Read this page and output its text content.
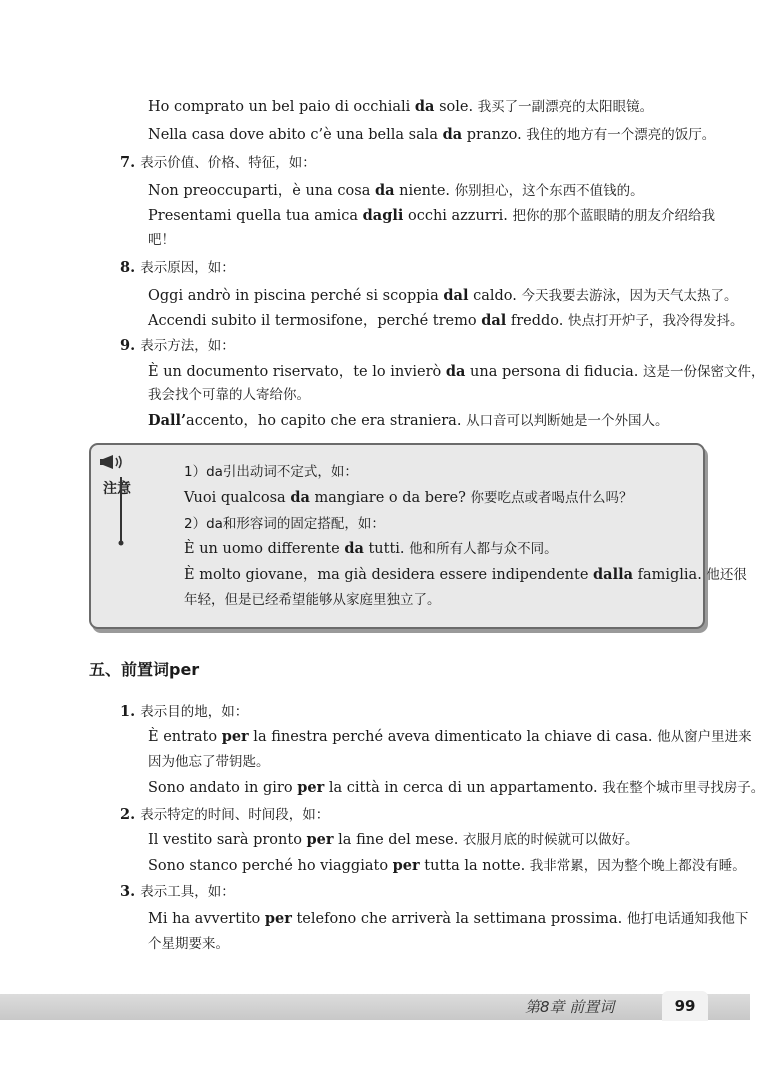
Ho comprato un bel paio di occhiali da sole. 我买了一副漂亮的太阳眼镜。
Nella casa dove abito c’è una bella sala da pranzo. 我住的地方有一个漂亮的饭厅。
7. 表示价值、价格、特征，如：
Non preoccuparti，è una cosa da niente. 你别担心，这个东西不值钱的。
Presentami quella tua amica dagli occhi azzurri. 把你的那个蓝眼睛的朋友介绍给我
吧！
8. 表示原因，如：
Oggi andrò in piscina perché si scoppia dal caldo. 今天我要去游泳，因为天气太热了。
Accendi subito il termosifone，perché tremo dal freddo. 快点打开炉子，我冷得发抖。
9. 表示方法，如：
È un documento riservato，te lo invierò da una persona di fiducia. 这是一份保密文件，
我会找个可靠的人寄给你。
Dall’accento，ho capito che era straniera. 从口音可以判断她是一个外国人。
注意
1）da引出动词不定式，如：
Vuoi qualcosa da mangiare o da bere? 你要吃点或者喝点什么吗？
2）da和形容词的固定搭配，如：
È un uomo differente da tutti. 他和所有人都与众不同。
È molto giovane，ma già desidera essere indipendente dalla famiglia. 他还很
年轻，但是已经希望能够从家庭里独立了。
五、前置词per
1. 表示目的地，如：
È entrato per la finestra perché aveva dimenticato la chiave di casa. 他从窗户里进来
因为他忘了带钥匙。
Sono andato in giro per la città in cerca di un appartamento. 我在整个城市里寻找房子。
2. 表示特定的时间、时间段，如：
Il vestito sarà pronto per la fine del mese. 衣服月底的时候就可以做好。
Sono stanco perché ho viaggiato per tutta la notte. 我非常累，因为整个晚上都没有睡。
3. 表示工具，如：
Mi ha avvertito per telefono che arriverà la settimana prossima. 他打电话通知我他下
个星期要来。
第8章 前置词	99
